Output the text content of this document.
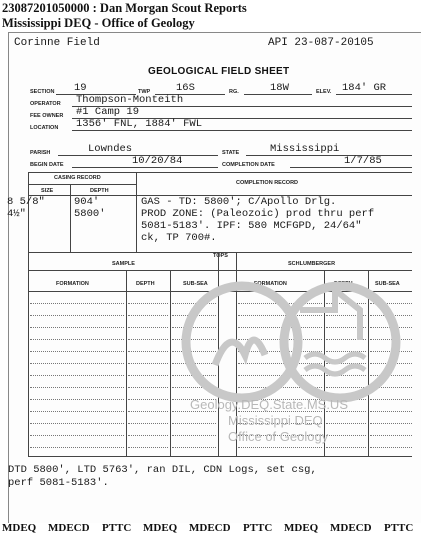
23087201050000 : Dan Morgan Scout Reports
Mississippi DEQ - Office of Geology
Corinne Field	API 23-087-20105
GEOLOGICAL FIELD SHEET
SECTION 19	TWP 16S	RG.	18W	ELEV. 184' GR
OPERATOR Thompson-Monteith
FEE OWNER #1 Camp 19
LOCATION 1356' FNL, 1884' FWL
PARISH	Lowndes	STATE	Mississippi
BEGIN DATE	10/20/84	COMPLETION DATE	1/7/85
CASING RECORD
COMPLETION RECORD
SIZE	DEPTH
8 5/8"	904'
4½"	5800'
GAS - TD: 5800'; C/Apollo Drlg.
PROD ZONE: (Paleozoic) prod thru perf
5081-5183'. IPF: 580 MCFGPD, 24/64"
ck, TP 700#.
TOPS
SAMPLE	SCHLUMBERGER
FORMATION	DEPTH	SUB-SEA	FORMATION	DEPTH	SUB-SEA
Geology.DEQ.State.MS.US
Mississippi DEQ
Office of Geology
DTD 5800', LTD 5763', ran DIL, CDN Logs, set csg,
perf 5081-5183'.
MDEQ MDECD PTTC MDEQ MDECD PTTC MDEQ MDECD PTTC
